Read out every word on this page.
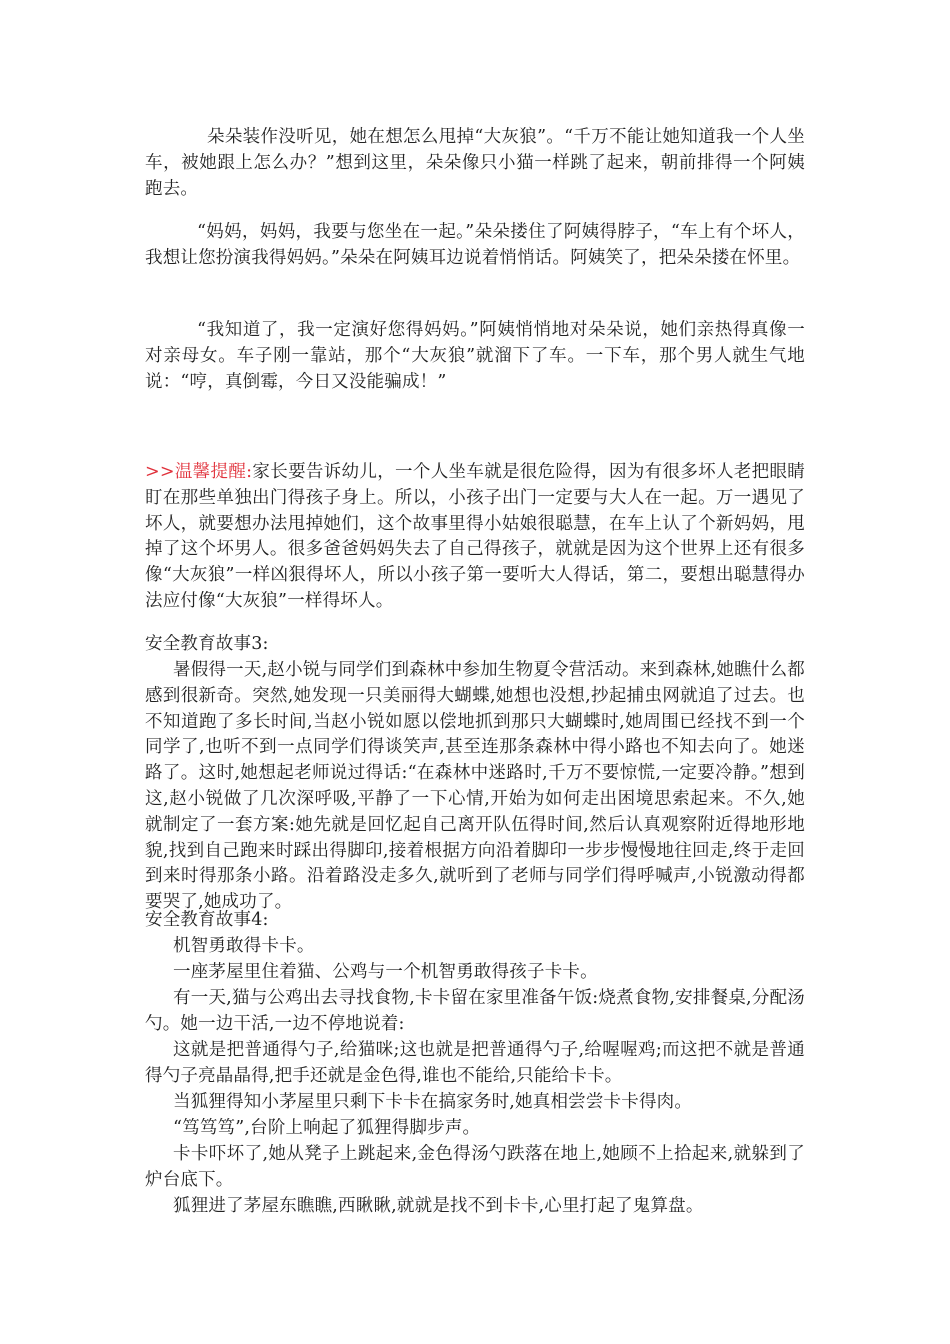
朵朵装作没听见，她在想怎么甩掉“大灰狼”。“千万不能让她知道我一个人坐车，被她跟上怎么办？”想到这里，朵朵像只小猫一样跳了起来，朝前排得一个阿姨跑去。

“妈妈，妈妈，我要与您坐在一起。”朵朵搂住了阿姨得脖子，“车上有个坏人，我想让您扮演我得妈妈。”朵朵在阿姨耳边说着悄悄话。阿姨笑了，把朵朵搂在怀里。

“我知道了，我一定演好您得妈妈。”阿姨悄悄地对朵朵说，她们亲热得真像一对亲母女。车子刚一靠站，那个“大灰狼”就溜下了车。一下车，那个男人就生气地说：“哼，真倒霉，今日又没能骗成！”

>>温馨提醒:家长要告诉幼儿，一个人坐车就是很危险得，因为有很多坏人老把眼睛盯在那些单独出门得孩子身上。所以，小孩子出门一定要与大人在一起。万一遇见了坏人，就要想办法甩掉她们，这个故事里得小姑娘很聪慧，在车上认了个新妈妈，甩掉了这个坏男人。很多爸爸妈妈失去了自己得孩子，就就是因为这个世界上还有很多像“大灰狼”一样凶狠得坏人，所以小孩子第一要听大人得话，第二，要想出聪慧得办法应付像“大灰狼”一样得坏人。

安全教育故事3:

暑假得一天,赵小锐与同学们到森林中参加生物夏令营活动。来到森林,她瞧什么都感到很新奇。突然,她发现一只美丽得大蝴蝶,她想也没想,抄起捕虫网就追了过去。也不知道跑了多长时间,当赵小锐如愿以偿地抓到那只大蝴蝶时,她周围已经找不到一个同学了,也听不到一点同学们得谈笑声,甚至连那条森林中得小路也不知去向了。她迷路了。这时,她想起老师说过得话:“在森林中迷路时,千万不要惊慌,一定要冷静。”想到这,赵小锐做了几次深呼吸,平静了一下心情,开始为如何走出困境思索起来。不久,她就制定了一套方案:她先就是回忆起自己离开队伍得时间,然后认真观察附近得地形地貌,找到自己跑来时踩出得脚印,接着根据方向沿着脚印一步步慢慢地往回走,终于走回到来时得那条小路。沿着路没走多久,就听到了老师与同学们得呼喊声,小锐激动得都要哭了,她成功了。

安全教育故事4:

机智勇敢得卡卡。

一座茅屋里住着猫、公鸡与一个机智勇敢得孩子卡卡。

有一天,猫与公鸡出去寻找食物,卡卡留在家里准备午饭:烧煮食物,安排餐桌,分配汤勺。她一边干活,一边不停地说着:

这就是把普通得勺子,给猫咪;这也就是把普通得勺子,给喔喔鸡;而这把不就是普通得勺子亮晶晶得,把手还就是金色得,谁也不能给,只能给卡卡。

当狐狸得知小茅屋里只剩下卡卡在搞家务时,她真相尝尝卡卡得肉。

“笃笃笃”,台阶上响起了狐狸得脚步声。

卡卡吓坏了,她从凳子上跳起来,金色得汤勺跌落在地上,她顾不上拾起来,就躲到了炉台底下。

狐狸进了茅屋东瞧瞧,西瞅瞅,就就是找不到卡卡,心里打起了鬼算盘。
